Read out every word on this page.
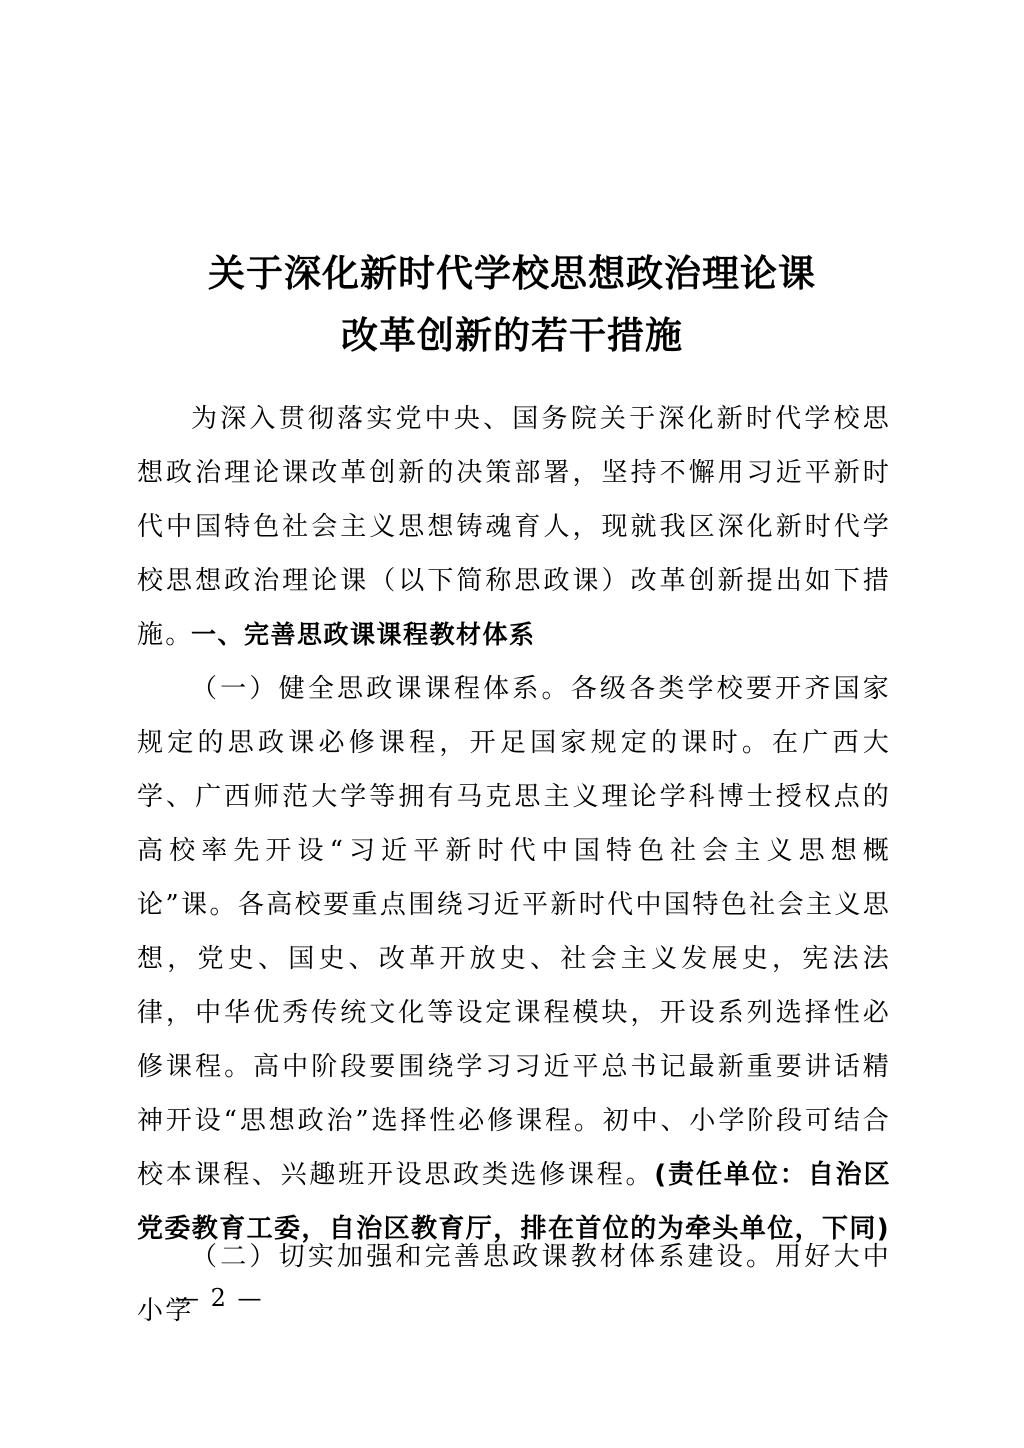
关于深化新时代学校思想政治理论课
改革创新的若干措施

为深入贯彻落实党中央、国务院关于深化新时代学校思想政治理论课改革创新的决策部署，坚持不懈用习近平新时代中国特色社会主义思想铸魂育人，现就我区深化新时代学校思想政治理论课（以下简称思政课）改革创新提出如下措施。

一、完善思政课课程教材体系

（一）健全思政课课程体系。各级各类学校要开齐国家规定的思政课必修课程，开足国家规定的课时。在广西大学、广西师范大学等拥有马克思主义理论学科博士授权点的高校率先开设“习近平新时代中国特色社会主义思想概论”课。各高校要重点围绕习近平新时代中国特色社会主义思想，党史、国史、改革开放史、社会主义发展史，宪法法律，中华优秀传统文化等设定课程模块，开设系列选择性必修课程。高中阶段要围绕学习习近平总书记最新重要讲话精神开设“思想政治”选择性必修课程。初中、小学阶段可结合校本课程、兴趣班开设思政类选修课程。(责任单位：自治区党委教育工委，自治区教育厅，排在首位的为牵头单位，下同)

（二）切实加强和完善思政课教材体系建设。用好大中小学

— 2 —
